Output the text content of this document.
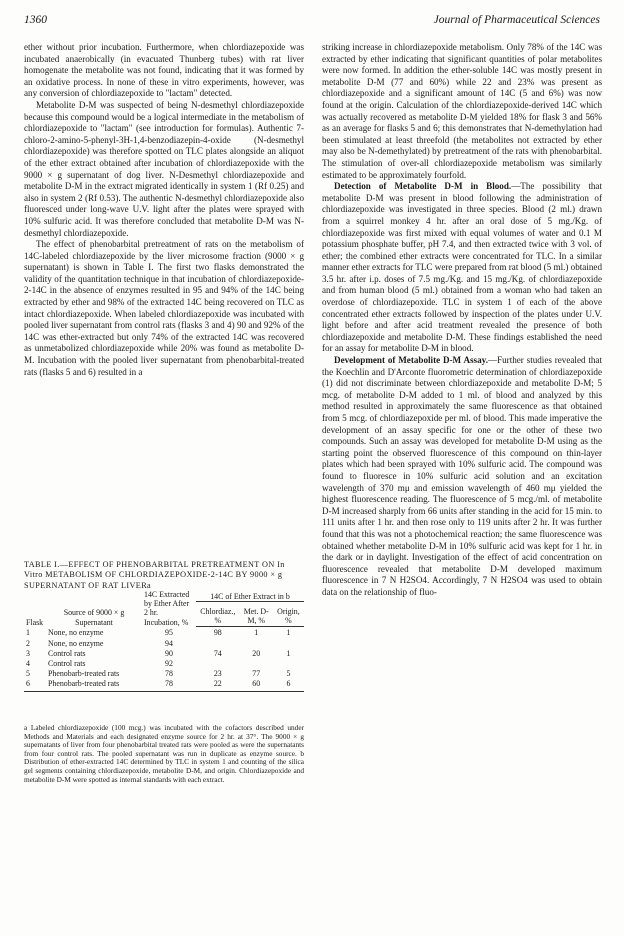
1360	Journal of Pharmaceutical Sciences

ether without prior incubation. Furthermore, when chlordiazepoxide was incubated anaerobically (in evacuated Thunberg tubes) with rat liver homogenate the metabolite was not found, indicating that it was formed by an oxidative process. In none of these in vitro experiments, however, was any conversion of chlordiazepoxide to "lactam" detected.

Metabolite D-M was suspected of being N-desmethyl chlordiazepoxide because this compound would be a logical intermediate in the metabolism of chlordiazepoxide to "lactam" (see introduction for formulas). Authentic 7-chloro-2-amino-5-phenyl-3H-1,4-benzodiazepin-4-oxide (N-desmethyl chlordiazepoxide) was therefore spotted on TLC plates alongside an aliquot of the ether extract obtained after incubation of chlordiazepoxide with the 9000 × g supernatant of dog liver. N-Desmethyl chlordiazepoxide and metabolite D-M in the extract migrated identically in system 1 (Rf 0.25) and also in system 2 (Rf 0.53). The authentic N-desmethyl chlordiazepoxide also fluoresced under long-wave U.V. light after the plates were sprayed with 10% sulfuric acid. It was therefore concluded that metabolite D-M was N-desmethyl chlordiazepoxide.

The effect of phenobarbital pretreatment of rats on the metabolism of 14C-labeled chlordiazepoxide by the liver microsome fraction (9000 × g supernatant) is shown in Table I. The first two flasks demonstrated the validity of the quantitation technique in that incubation of chlordiazepoxide-2-14C in the absence of enzymes resulted in 95 and 94% of the 14C being extracted by ether and 98% of the extracted 14C being recovered on TLC as intact chlordiazepoxide. When labeled chlordiazepoxide was incubated with pooled liver supernatant from control rats (flasks 3 and 4) 90 and 92% of the 14C was ether-extracted but only 74% of the extracted 14C was recovered as unmetabolized chlordiazepoxide while 20% was found as metabolite D-M. Incubation with the pooled liver supernatant from phenobarbital-treated rats (flasks 5 and 6) resulted in a

TABLE I.—EFFECT OF PHENOBARBITAL PRETREATMENT ON In Vitro METABOLISM OF CHLORDIAZEPOXIDE-2-14C BY 9000 × g SUPERNATANT OF RAT LIVERa
Flask	Source of 9000 × g Supernatant	14C Extracted by Ether After 2 hr. Incubation, %	14C of Ether Extract in b		
			Chlordiaz., %	Met. D-M, %	Origin, %
1	None, no enzyme	95	98	1	1
2	None, no enzyme	94			
3	Control rats	90	74	20	1
4	Control rats	92			
5	Phenobarb-treated rats	78	23	77	5
6	Phenobarb-treated rats	78	22	60	6
a Labeled chlordiazepoxide (100 mcg.) was incubated with the cofactors described under Methods and Materials and each designated enzyme source for 2 hr. at 37°. The 9000 × g supernatants of liver from four phenobarbital treated rats were pooled as were the supernatants from four control rats. The pooled supernatant was run in duplicate as enzyme source. b Distribution of ether-extracted 14C determined by TLC in system 1 and counting of the silica gel segments containing chlordiazepoxide, metabolite D-M, and origin. Chlordiazepoxide and metabolite D-M were spotted as internal standards with each extract.

striking increase in chlordiazepoxide metabolism. Only 78% of the 14C was extracted by ether indicating that significant quantities of polar metabolites were now formed. In addition the ether-soluble 14C was mostly present in metabolite D-M (77 and 60%) while 22 and 23% was present as chlordiazepoxide and a significant amount of 14C (5 and 6%) was now found at the origin. Calculation of the chlordiazepoxide-derived 14C which was actually recovered as metabolite D-M yielded 18% for flask 3 and 56% as an average for flasks 5 and 6; this demonstrates that N-demethylation had been stimulated at least threefold (the metabolites not extracted by ether may also be N-demethylated) by pretreatment of the rats with phenobarbital. The stimulation of over-all chlordiazepoxide metabolism was similarly estimated to be approximately fourfold.

Detection of Metabolite D-M in Blood.—The possibility that metabolite D-M was present in blood following the administration of chlordiazepoxide was investigated in three species. Blood (2 ml.) drawn from a squirrel monkey 4 hr. after an oral dose of 5 mg./Kg. of chlordiazepoxide was first mixed with equal volumes of water and 0.1 M potassium phosphate buffer, pH 7.4, and then extracted twice with 3 vol. of ether; the combined ether extracts were concentrated for TLC. In a similar manner ether extracts for TLC were prepared from rat blood (5 ml.) obtained 3.5 hr. after i.p. doses of 7.5 mg./Kg. and 15 mg./Kg. of chlordiazepoxide and from human blood (5 ml.) obtained from a woman who had taken an overdose of chlordiazepoxide. TLC in system 1 of each of the above concentrated ether extracts followed by inspection of the plates under U.V. light before and after acid treatment revealed the presence of both chlordiazepoxide and metabolite D-M. These findings established the need for an assay for metabolite D-M in blood.

Development of Metabolite D-M Assay.—Further studies revealed that the Koechlin and D'Arconte fluorometric determination of chlordiazepoxide (1) did not discriminate between chlordiazepoxide and metabolite D-M; 5 mcg. of metabolite D-M added to 1 ml. of blood and analyzed by this method resulted in approximately the same fluorescence as that obtained from 5 mcg. of chlordiazepoxide per ml. of blood. This made imperative the development of an assay specific for one or the other of these two compounds. Such an assay was developed for metabolite D-M using as the starting point the observed fluorescence of this compound on thin-layer plates which had been sprayed with 10% sulfuric acid. The compound was found to fluoresce in 10% sulfuric acid solution and an excitation wavelength of 370 mμ and emission wavelength of 460 mμ yielded the highest fluorescence reading. The fluorescence of 5 mcg./ml. of metabolite D-M increased sharply from 66 units after standing in the acid for 15 min. to 111 units after 1 hr. and then rose only to 119 units after 2 hr. It was further found that this was not a photochemical reaction; the same fluorescence was obtained whether metabolite D-M in 10% sulfuric acid was kept for 1 hr. in the dark or in daylight. Investigation of the effect of acid concentration on fluorescence revealed that metabolite D-M developed maximum fluorescence in 7 N H2SO4. Accordingly, 7 N H2SO4 was used to obtain data on the relationship of fluo-
